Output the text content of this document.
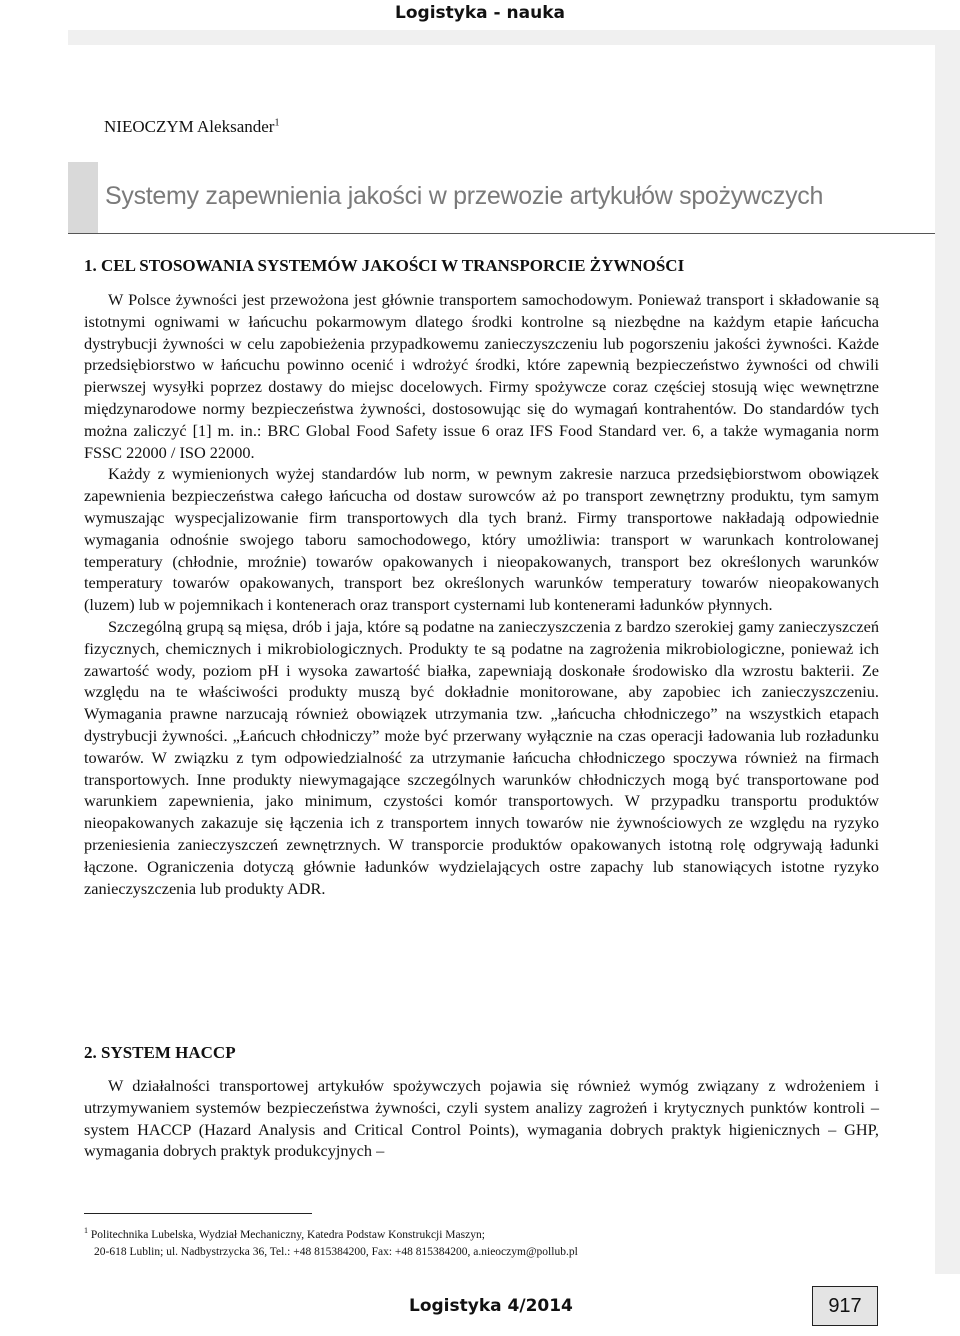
Logistyka - nauka
NIEOCZYM Aleksander$^1$
Systemy zapewnienia jakości w przewozie artykułów spożywczych
1. CEL STOSOWANIA SYSTEMÓW JAKOŚCI W TRANSPORCIE ŻYWNOŚCI

W Polsce żywności jest przewożona jest głównie transportem samochodowym. Ponieważ transport i składowanie są istotnymi ogniwami w łańcuchu pokarmowym dlatego środki kontrolne są niezbędne na każdym etapie łańcucha dystrybucji żywności w celu zapobieżenia przypadkowemu zanieczyszczeniu lub pogorszeniu jakości żywności. Każde przedsiębiorstwo w łańcuchu powinno ocenić i wdrożyć środki, które zapewnią bezpieczeństwo żywności od chwili pierwszej wysyłki poprzez dostawy do miejsc docelowych. Firmy spożywcze coraz częściej stosują więc wewnętrzne międzynarodowe normy bezpieczeństwa żywności, dostosowując się do wymagań kontrahentów. Do standardów tych można zaliczyć [1] m. in.: BRC Global Food Safety issue 6 oraz IFS Food Standard ver. 6, a także wymagania norm FSSC 22000 / ISO 22000.

Każdy z wymienionych wyżej standardów lub norm, w pewnym zakresie narzuca przedsiębiorstwom obowiązek zapewnienia bezpieczeństwa całego łańcucha od dostaw surowców aż po transport zewnętrzny produktu, tym samym wymuszając wyspecjalizowanie firm transportowych dla tych branż. Firmy transportowe nakładają odpowiednie wymagania odnośnie swojego taboru samochodowego, który umożliwia: transport w warunkach kontrolowanej temperatury (chłodnie, mroźnie) towarów opakowanych i nieopakowanych, transport bez określonych warunków temperatury towarów opakowanych, transport bez określonych warunków temperatury towarów nieopakowanych (luzem) lub w pojemnikach i kontenerach oraz transport cysternami lub kontenerami ładunków płynnych.

Szczególną grupą są mięsa, drób i jaja, które są podatne na zanieczyszczenia z bardzo szerokiej gamy zanieczyszczeń fizycznych, chemicznych i mikrobiologicznych. Produkty te są podatne na zagrożenia mikrobiologiczne, ponieważ ich zawartość wody, poziom pH i wysoka zawartość białka, zapewniają doskonałe środowisko dla wzrostu bakterii. Ze względu na te właściwości produkty muszą być dokładnie monitorowane, aby zapobiec ich zanieczyszczeniu. Wymagania prawne narzucają również obowiązek utrzymania tzw. „łańcucha chłodniczego” na wszystkich etapach dystrybucji żywności. „Łańcuch chłodniczy” może być przerwany wyłącznie na czas operacji ładowania lub rozładunku towarów. W związku z tym odpowiedzialność za utrzymanie łańcucha chłodniczego spoczywa również na firmach transportowych. Inne produkty niewymagające szczególnych warunków chłodniczych mogą być transportowane pod warunkiem zapewnienia, jako minimum, czystości komór transportowych. W przypadku transportu produktów nieopakowanych zakazuje się łączenia ich z transportem innych towarów nie żywnościowych ze względu na ryzyko przeniesienia zanieczyszczeń zewnętrznych. W transporcie produktów opakowanych istotną rolę odgrywają ładunki łączone. Ograniczenia dotyczą głównie ładunków wydzielających ostre zapachy lub stanowiących istotne ryzyko zanieczyszczenia lub produkty ADR.

2. SYSTEM HACCP

W działalności transportowej artykułów spożywczych pojawia się również wymóg związany z wdrożeniem i utrzymywaniem systemów bezpieczeństwa żywności, czyli system analizy zagrożeń i krytycznych punktów kontroli – system HACCP (Hazard Analysis and Critical Control Points), wymagania dobrych praktyk higienicznych – GHP, wymagania dobrych praktyk produkcyjnych –

$^1$ Politechnika Lubelska, Wydział Mechaniczny, Katedra Podstaw Konstrukcji Maszyn;
20-618 Lublin; ul. Nadbystrzycka 36, Tel.: +48 815384200, Fax: +48 815384200, a.nieoczym@pollub.pl
Logistyka 4/2014	917
